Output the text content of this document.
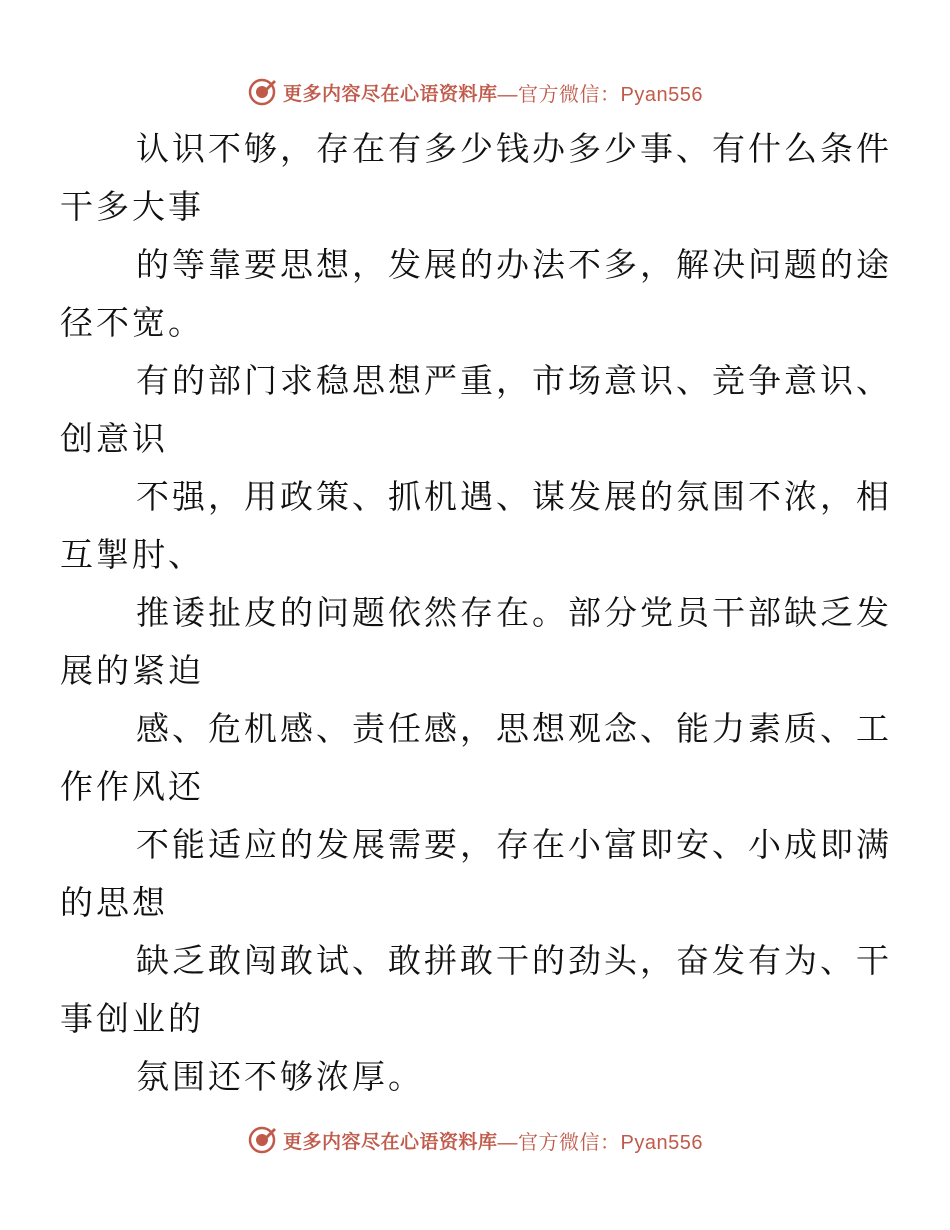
更多内容尽在心语资料库 —官方微信：Pyan556

认识不够，存在有多少钱办多少事、有什么条件
干多大事

的等靠要思想，发展的办法不多，解决问题的途
径不宽。

有的部门求稳思想严重，市场意识、竞争意识、
创意识

不强，用政策、抓机遇、谋发展的氛围不浓，相
互掣肘、

推诿扯皮的问题依然存在。部分党员干部缺乏发
展的紧迫

感、危机感、责任感，思想观念、能力素质、工
作作风还

不能适应的发展需要，存在小富即安、小成即满
的思想

缺乏敢闯敢试、敢拼敢干的劲头，奋发有为、干
事创业的

氛围还不够浓厚。

更多内容尽在心语资料库 —官方微信：Pyan556
